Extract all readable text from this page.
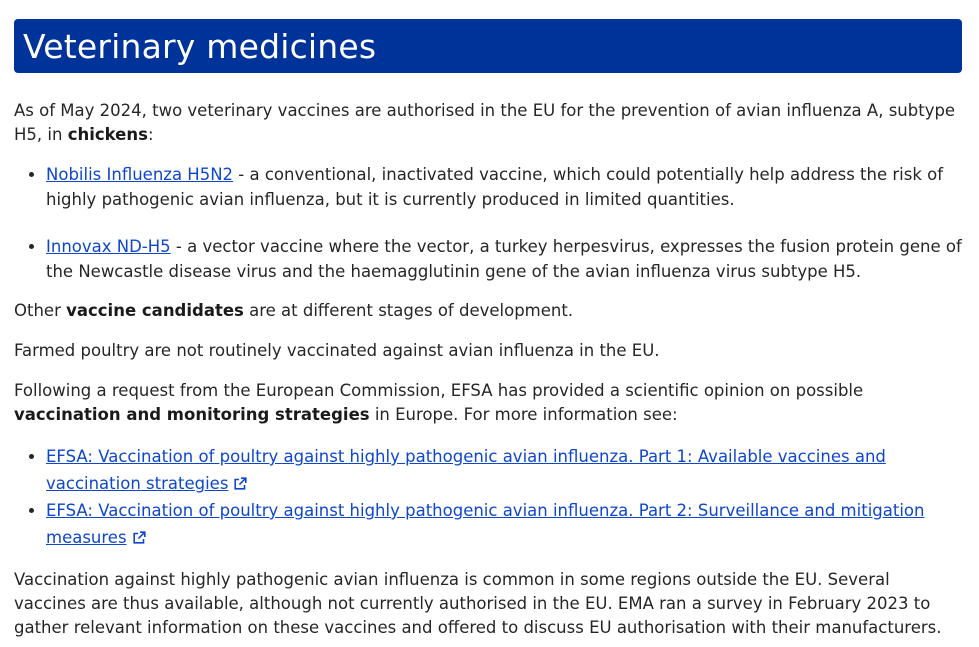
Veterinary medicines

As of May 2024, two veterinary vaccines are authorised in the EU for the prevention of avian influenza A, subtype H5, in chickens:

• Nobilis Influenza H5N2 - a conventional, inactivated vaccine, which could potentially help address the risk of highly pathogenic avian influenza, but it is currently produced in limited quantities.
• Innovax ND-H5 - a vector vaccine where the vector, a turkey herpesvirus, expresses the fusion protein gene of the Newcastle disease virus and the haemagglutinin gene of the avian influenza virus subtype H5.

Other vaccine candidates are at different stages of development.

Farmed poultry are not routinely vaccinated against avian influenza in the EU.

Following a request from the European Commission, EFSA has provided a scientific opinion on possible vaccination and monitoring strategies in Europe. For more information see:

• EFSA: Vaccination of poultry against highly pathogenic avian influenza. Part 1: Available vaccines and vaccination strategies
• EFSA: Vaccination of poultry against highly pathogenic avian influenza. Part 2: Surveillance and mitigation measures

Vaccination against highly pathogenic avian influenza is common in some regions outside the EU. Several vaccines are thus available, although not currently authorised in the EU. EMA ran a survey in February 2023 to gather relevant information on these vaccines and offered to discuss EU authorisation with their manufacturers.
